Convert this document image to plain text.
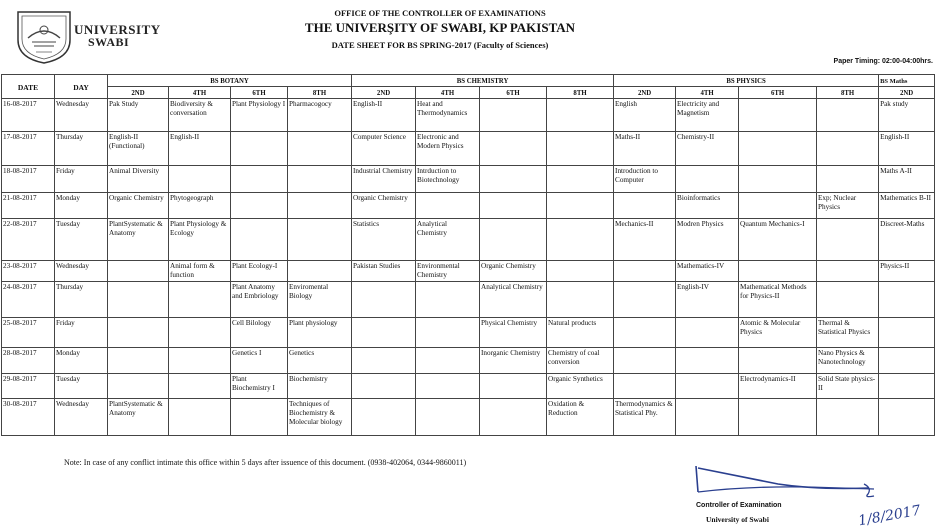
UNIVERSITY
SWABI
OFFICE OF THE CONTROLLER OF EXAMINATIONS
THE UNIVERŞITY OF SWABI, KP PAKISTAN
DATE SHEET FOR BS SPRING-2017 (Faculty of Sciences)
Paper Timing: 02:00-04:00hrs.
DATE	DAY	BS BOTANY				BS CHEMISTRY				BS PHYSICS				BS Maths
		2ND	4TH	6TH	8TH	2ND	4TH	6TH	8TH	2ND	4TH	6TH	8TH	2ND
16-08-2017	Wednesday	Pak Study	Biodiversity & conversation	Plant Physiology I	Pharmacogocy	English-II	Heat and Thermodynamics			English	Electricity and Magnetism			Pak study
17-08-2017	Thursday	English-II (Functional)	English-II			Computer Science	Electronic and Modern Physics			Maths-II	Chemistry-II			English-II
18-08-2017	Friday	Animal Diversity				Industrial Chemistry	Intrduction to Biotechnology			Introduction to Computer				Maths A-II
21-08-2017	Monday	Organic Chemistry	Phytogeograph			Organic Chemistry					Bioinformatics		Exp; Nuclear Physics	Mathematics B-II
22-08-2017	Tuesday	PlantSystematic & Anatomy	Plant Physiology & Ecology			Statistics	Analytical Chemistry			Mechanics-II	Modren Physics	Quantum Mechanics-I		Discreet-Maths
23-08-2017	Wednesday		Animal form & function	Plant Ecology-I		Pakistan Studies	Environmental Chemistry	Organic Chemistry			Mathematics-IV			Physics-II
24-08-2017	Thursday			Plant Anatomy and Embriology	Enviromental Biology			Analytical Chemistry			English-IV	Mathematical Methods for Physics-II		
25-08-2017	Friday			Cell Bilology	Plant physiology			Physical Chemistry	Natural products			Atomic & Molecular Physics	Thermal & Statistical Physics	
28-08-2017	Monday			Genetics I	Genetics			Inorganic Chemistry	Chemistry of coal conversion				Nano Physics & Nanotechnology	
29-08-2017	Tuesday			Plant Biochemistry I	Biochemistry				Organic Synthetics			Electrodynamics-II	Solid State physics-II	
30-08-2017	Wednesday	PlantSystematic & Anatomy			Techniques of Biochemistry & Molecular biology				Oxidation & Reduction	Thermodynamics & Statistical Phy.				
Note: In case of any conflict intimate this office within 5 days after issuence of this document. (0938-402064, 0344-9860011)
1/8/2017
Controller of Examination
University of Swabi
